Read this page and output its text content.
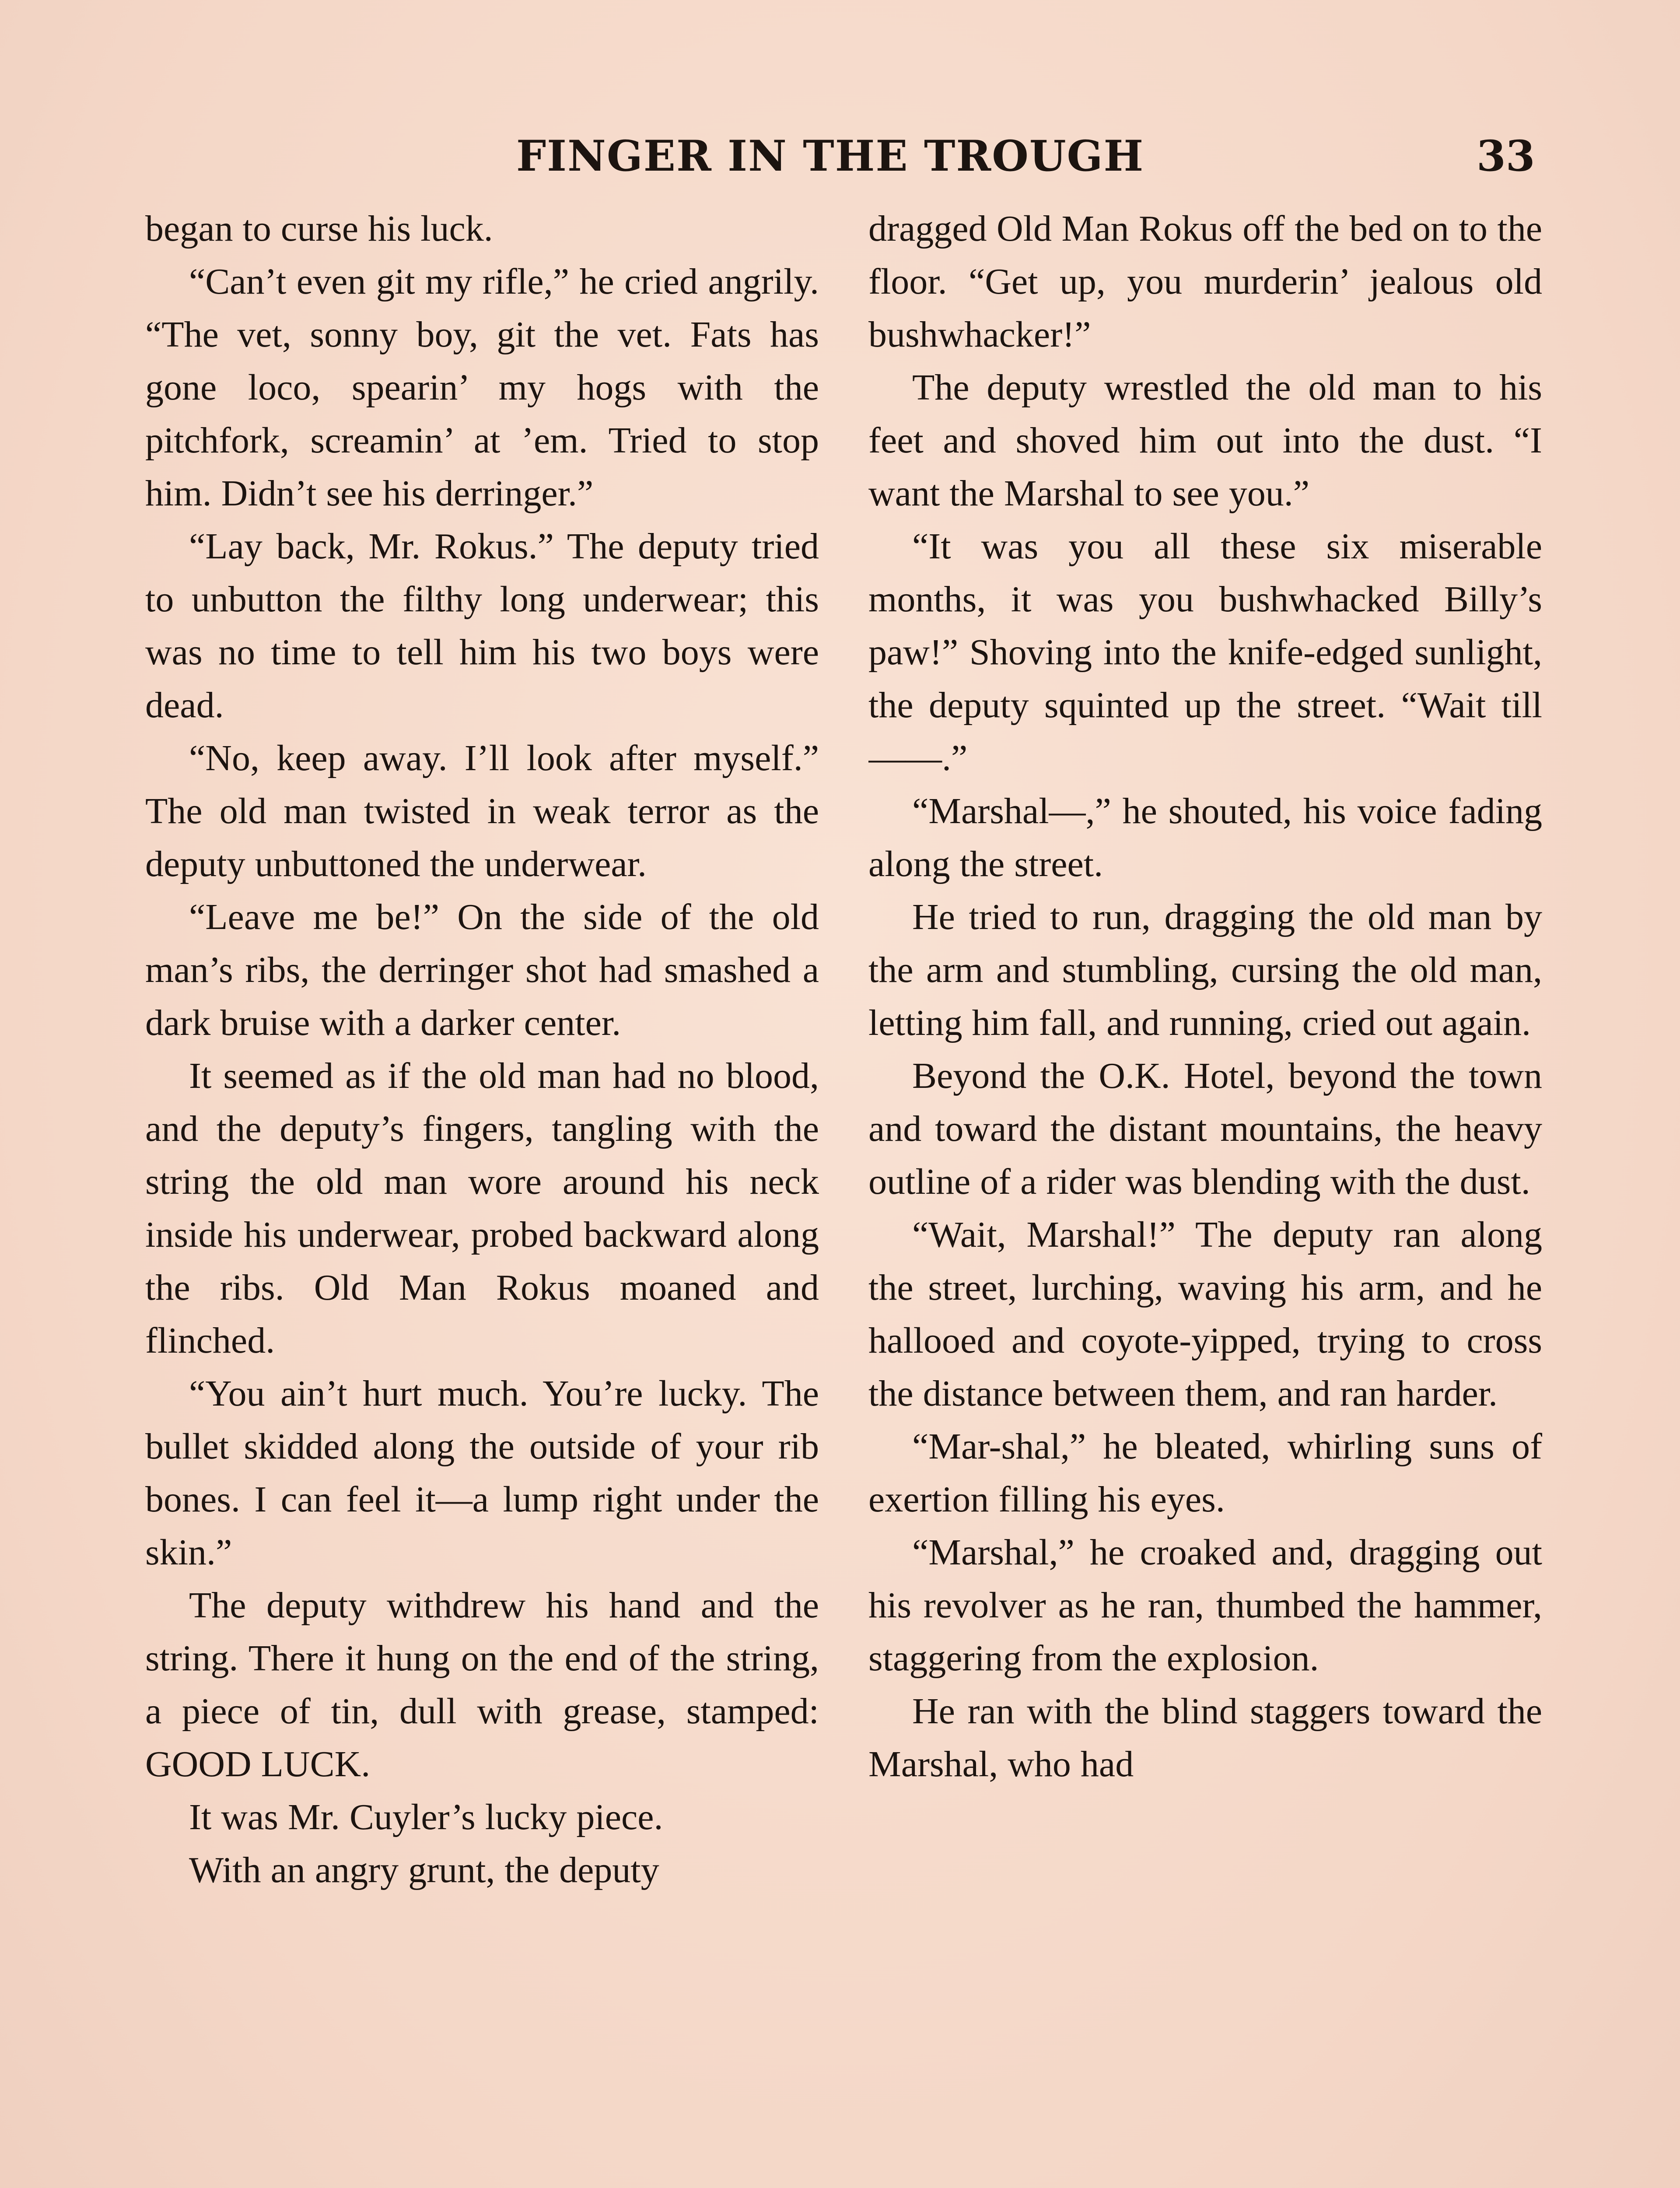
FINGER IN THE TROUGH	33

began to curse his luck.

“Can’t even git my rifle,” he cried angrily. “The vet, sonny boy, git the vet. Fats has gone loco, spearin’ my hogs with the pitchfork, screamin’ at ’em. Tried to stop him. Didn’t see his derringer.”

“Lay back, Mr. Rokus.” The deputy tried to unbutton the filthy long underwear; this was no time to tell him his two boys were dead.

“No, keep away. I’ll look after myself.” The old man twisted in weak terror as the deputy unbuttoned the underwear.

“Leave me be!” On the side of the old man’s ribs, the derringer shot had smashed a dark bruise with a darker center.

It seemed as if the old man had no blood, and the deputy’s fingers, tangling with the string the old man wore around his neck inside his underwear, probed backward along the ribs. Old Man Rokus moaned and flinched.

“You ain’t hurt much. You’re lucky. The bullet skidded along the outside of your rib bones. I can feel it—a lump right under the skin.”

The deputy withdrew his hand and the string. There it hung on the end of the string, a piece of tin, dull with grease, stamped: GOOD LUCK.

It was Mr. Cuyler’s lucky piece.

With an angry grunt, the deputy

dragged Old Man Rokus off the bed on to the floor. “Get up, you murderin’ jealous old bushwhacker!”

The deputy wrestled the old man to his feet and shoved him out into the dust. “I want the Marshal to see you.”

“It was you all these six miserable months, it was you bushwhacked Billy’s paw!” Shoving into the knife-edged sunlight, the deputy squinted up the street. “Wait till——.”

“Marshal—,” he shouted, his voice fading along the street.

He tried to run, dragging the old man by the arm and stumbling, cursing the old man, letting him fall, and running, cried out again.

Beyond the O.K. Hotel, beyond the town and toward the distant mountains, the heavy outline of a rider was blending with the dust.

“Wait, Marshal!” The deputy ran along the street, lurching, waving his arm, and he hallooed and coyote-yipped, trying to cross the distance between them, and ran harder.

“Mar-shal,” he bleated, whirling suns of exertion filling his eyes.

“Marshal,” he croaked and, dragging out his revolver as he ran, thumbed the hammer, staggering from the explosion.

He ran with the blind staggers toward the Marshal, who had
